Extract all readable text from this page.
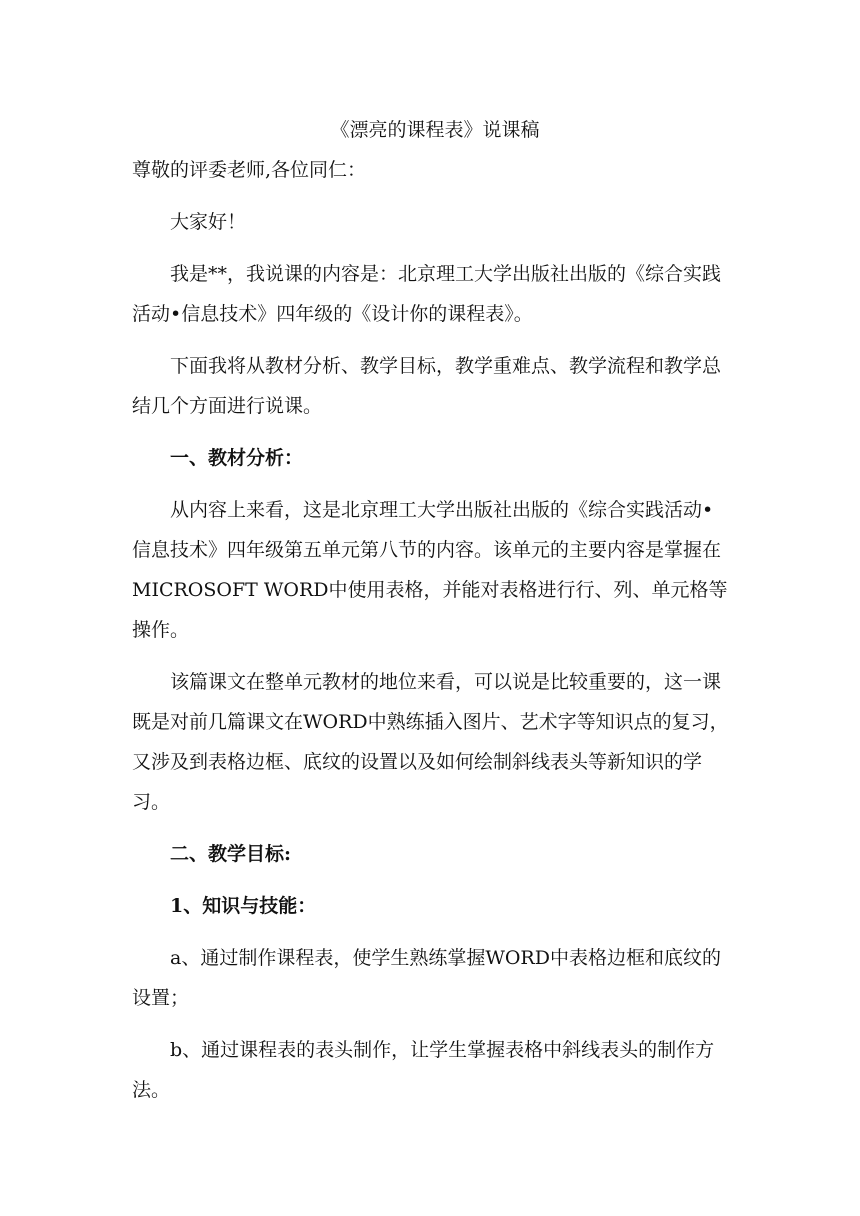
《漂亮的课程表》说课稿

尊敬的评委老师,各位同仁：

大家好！

我是**，我说课的内容是：北京理工大学出版社出版的《综合实践活动•信息技术》四年级的《设计你的课程表》。

下面我将从教材分析、教学目标，教学重难点、教学流程和教学总结几个方面进行说课。

一、教材分析：

从内容上来看，这是北京理工大学出版社出版的《综合实践活动•信息技术》四年级第五单元第八节的内容。该单元的主要内容是掌握在MICROSOFT WORD中使用表格，并能对表格进行行、列、单元格等操作。

该篇课文在整单元教材的地位来看，可以说是比较重要的，这一课既是对前几篇课文在WORD中熟练插入图片、艺术字等知识点的复习，又涉及到表格边框、底纹的设置以及如何绘制斜线表头等新知识的学习。

二、教学目标:

1、知识与技能：

a、通过制作课程表，使学生熟练掌握WORD中表格边框和底纹的设置；

b、通过课程表的表头制作，让学生掌握表格中斜线表头的制作方法。
